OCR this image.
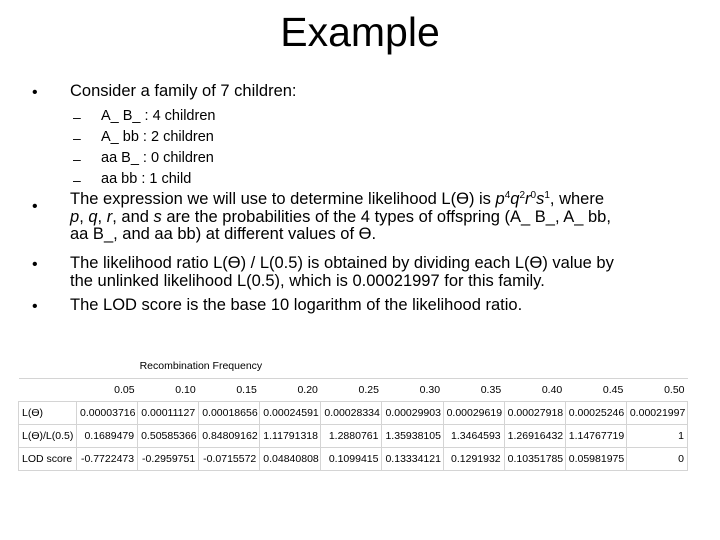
Example
• Consider a family of 7 children:
– A_ B_ : 4 children
– A_ bb : 2 children
– aa B_ : 0 children
– aa bb : 1 child
• The expression we will use to determine likelihood L(Ɵ) is $p^4q^2r^0s^1$, where
p, q, r, and s are the probabilities of the 4 types of offspring (A_ B_, A_ bb,
aa B_, and aa bb) at different values of Ɵ.
• The likelihood ratio L(Ɵ) / L(0.5) is obtained by dividing each L(Ɵ) value by
the unlinked likelihood L(0.5), which is 0.00021997 for this family.
• The LOD score is the base 10 logarithm of the likelihood ratio.
		Recombination Frequency								
	0.05	0.10	0.15	0.20	0.25	0.30	0.35	0.40	0.45	0.50
L(Ɵ)	0.00003716	0.00011127	0.00018656	0.00024591	0.00028334	0.00029903	0.00029619	0.00027918	0.00025246	0.00021997
L(Ɵ)/L(0.5)	0.1689479	0.50585366	0.84809162	1.11791318	1.2880761	1.35938105	1.3464593	1.26916432	1.14767719	1
LOD score	-0.7722473	-0.2959751	-0.0715572	0.04840808	0.1099415	0.13334121	0.1291932	0.10351785	0.05981975	0
